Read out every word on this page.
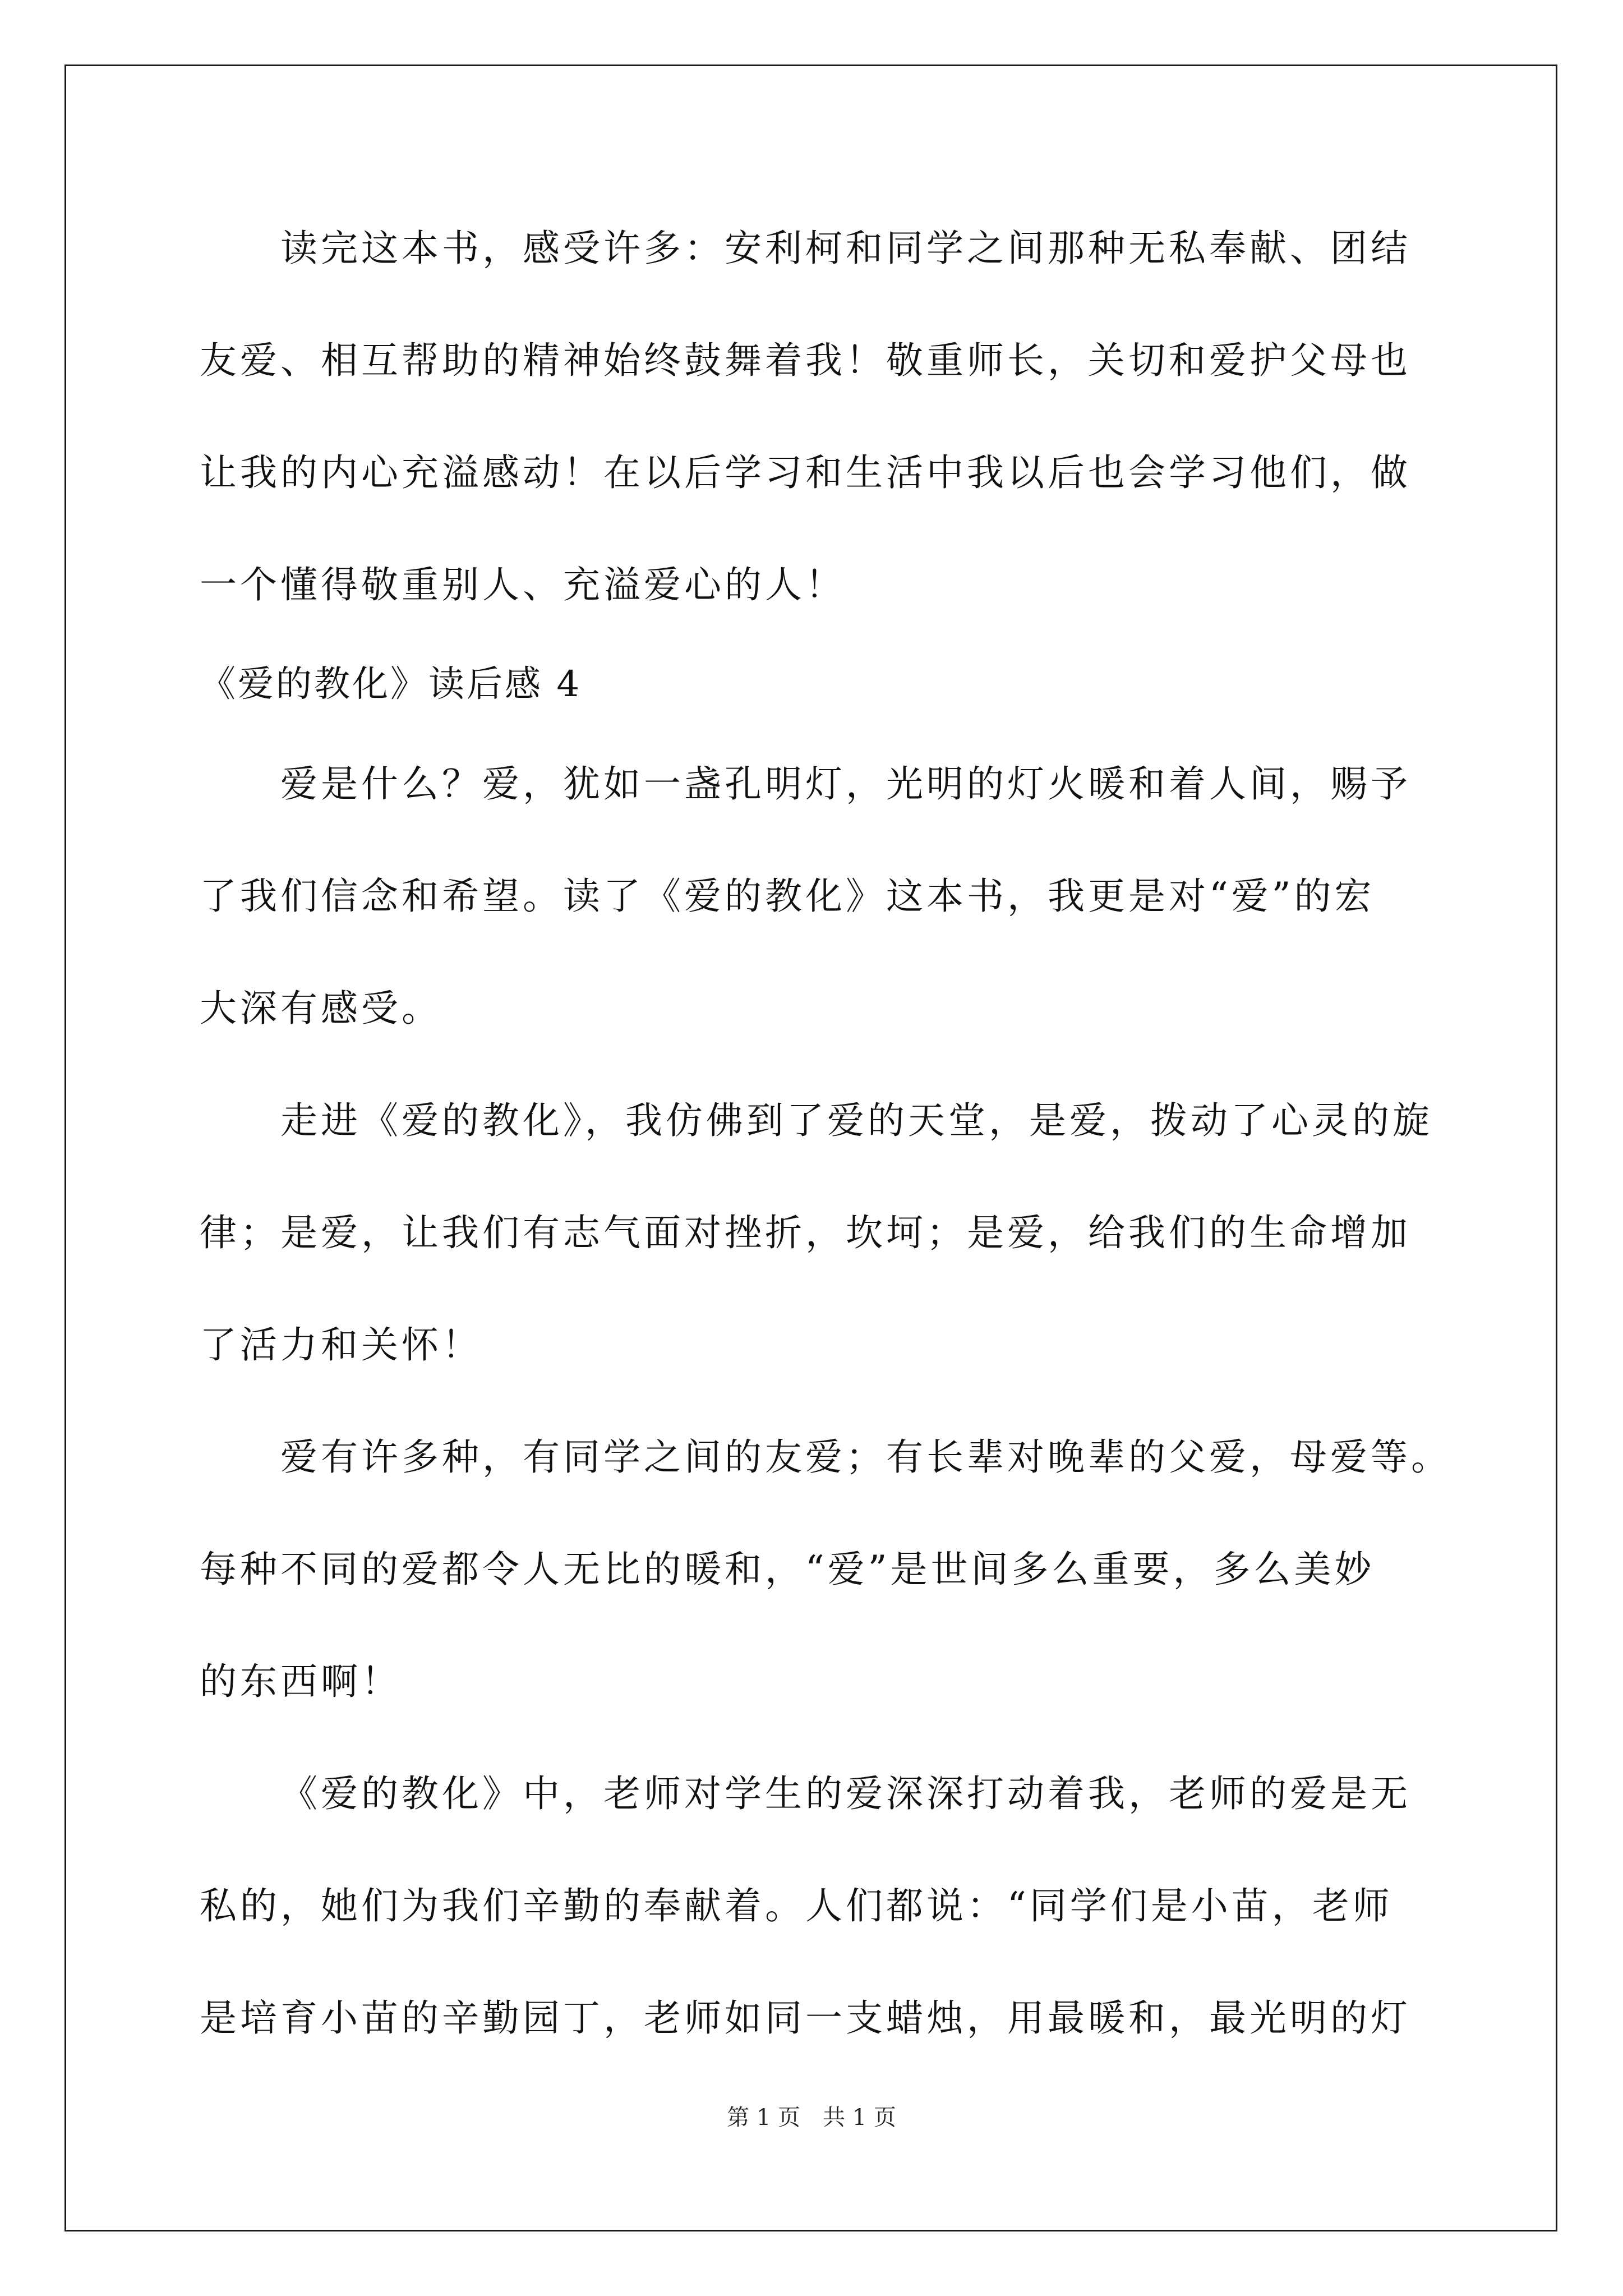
读完这本书，感受许多：安利柯和同学之间那种无私奉献、团结
友爱、相互帮助的精神始终鼓舞着我！敬重师长，关切和爱护父母也
让我的内心充溢感动！在以后学习和生活中我以后也会学习他们，做
一个懂得敬重别人、充溢爱心的人！
《爱的教化》读后感 4
爱是什么？爱，犹如一盏孔明灯，光明的灯火暖和着人间，赐予
了我们信念和希望。读了《爱的教化》这本书，我更是对“爱”的宏
大深有感受。
走进《爱的教化》，我仿佛到了爱的天堂，是爱，拨动了心灵的旋
律；是爱，让我们有志气面对挫折，坎坷；是爱，给我们的生命增加
了活力和关怀！
爱有许多种，有同学之间的友爱；有长辈对晚辈的父爱，母爱等。
每种不同的爱都令人无比的暖和，“爱”是世间多么重要，多么美妙
的东西啊！
《爱的教化》中，老师对学生的爱深深打动着我，老师的爱是无
私的，她们为我们辛勤的奉献着。人们都说：“同学们是小苗，老师
是培育小苗的辛勤园丁，老师如同一支蜡烛，用最暖和，最光明的灯
第 1 页　共 1 页
